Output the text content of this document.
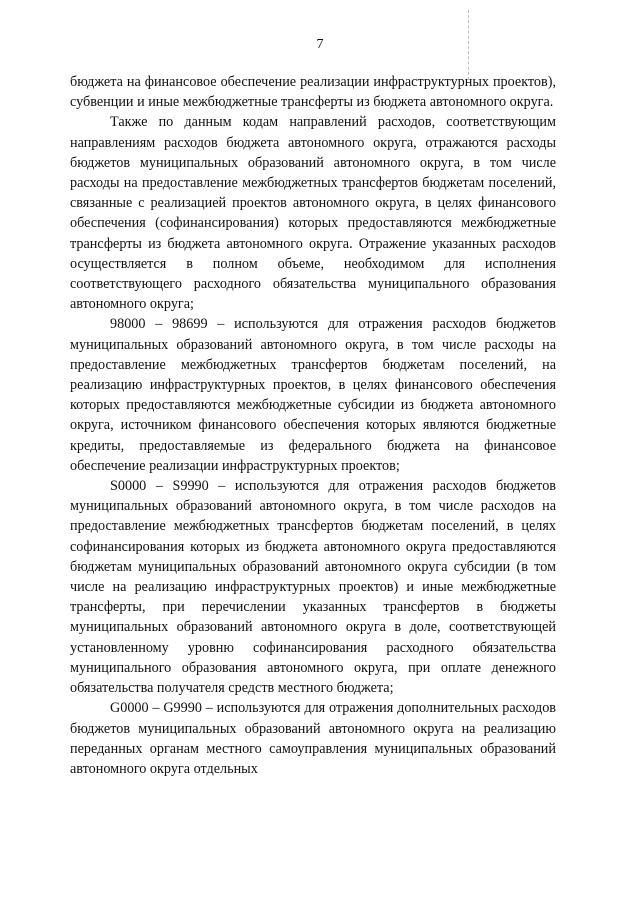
7

бюджета на финансовое обеспечение реализации инфраструктурных проектов), субвенции и иные межбюджетные трансферты из бюджета автономного округа.

Также по данным кодам направлений расходов, соответствующим направлениям расходов бюджета автономного округа, отражаются расходы бюджетов муниципальных образований автономного округа, в том числе расходы на предоставление межбюджетных трансфертов бюджетам поселений, связанные с реализацией проектов автономного округа, в целях финансового обеспечения (софинансирования) которых предоставляются межбюджетные трансферты из бюджета автономного округа. Отражение указанных расходов осуществляется в полном объеме, необходимом для исполнения соответствующего расходного обязательства муниципального образования автономного округа;

98000 – 98699 – используются для отражения расходов бюджетов муниципальных образований автономного округа, в том числе расходы на предоставление межбюджетных трансфертов бюджетам поселений, на реализацию инфраструктурных проектов, в целях финансового обеспечения которых предоставляются межбюджетные субсидии из бюджета автономного округа, источником финансового обеспечения которых являются бюджетные кредиты, предоставляемые из федерального бюджета на финансовое обеспечение реализации инфраструктурных проектов;

S0000 – S9990 – используются для отражения расходов бюджетов муниципальных образований автономного округа, в том числе расходов на предоставление межбюджетных трансфертов бюджетам поселений, в целях софинансирования которых из бюджета автономного округа предоставляются бюджетам муниципальных образований автономного округа субсидии (в том числе на реализацию инфраструктурных проектов) и иные межбюджетные трансферты, при перечислении указанных трансфертов в бюджеты муниципальных образований автономного округа в доле, соответствующей установленному уровню софинансирования расходного обязательства муниципального образования автономного округа, при оплате денежного обязательства получателя средств местного бюджета;

G0000 – G9990 – используются для отражения дополнительных расходов бюджетов муниципальных образований автономного округа на реализацию переданных органам местного самоуправления муниципальных образований автономного округа отдельных
